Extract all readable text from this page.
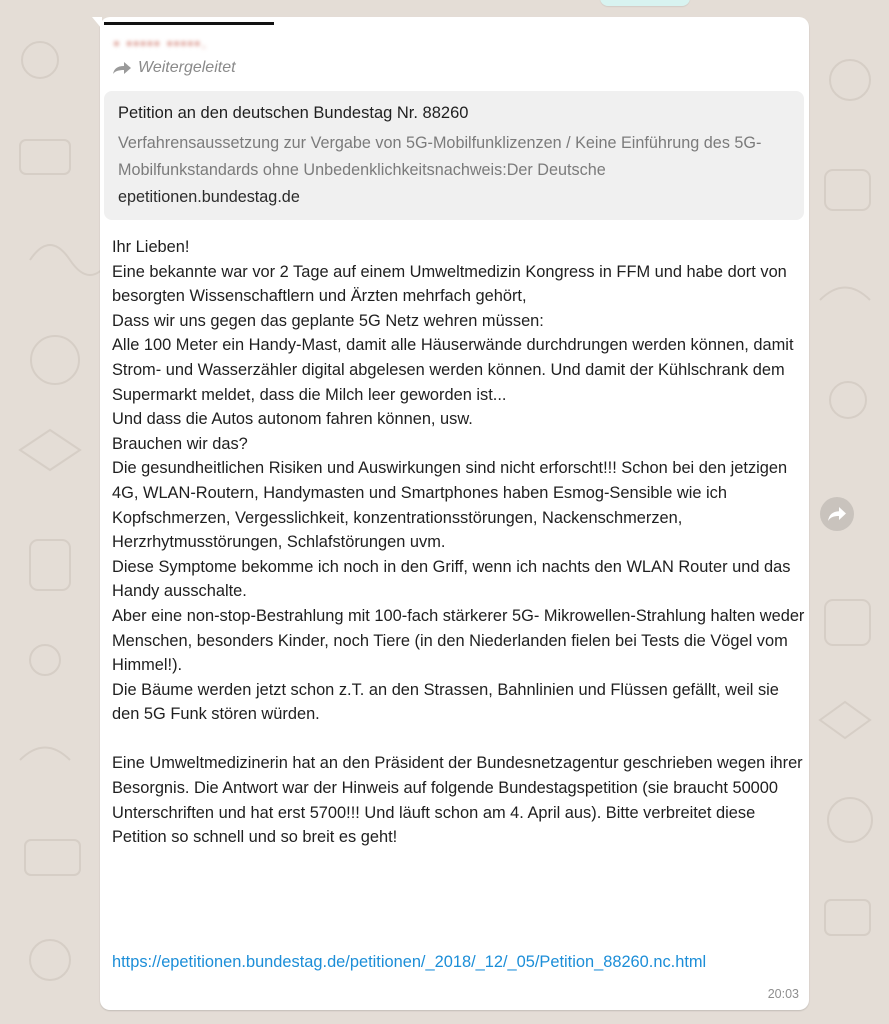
• ••••• •••••.
Weitergeleitet
Petition an den deutschen Bundestag Nr. 88260
Verfahrensaussetzung zur Vergabe von 5G-Mobilfunklizenzen / Keine Einführung des 5G-Mobilfunkstandards ohne Unbedenklichkeitsnachweis:Der Deutsche
epetitionen.bundestag.de
Ihr Lieben!
Eine bekannte war vor 2 Tage auf einem Umweltmedizin Kongress in FFM und habe dort von besorgten Wissenschaftlern und Ärzten mehrfach gehört,
Dass wir uns gegen das geplante 5G Netz wehren müssen:
Alle 100 Meter ein Handy-Mast, damit alle Häuserwände durchdrungen werden können, damit Strom- und Wasserzähler digital abgelesen werden können. Und damit der Kühlschrank dem Supermarkt meldet, dass die Milch leer geworden ist...
Und dass die Autos autonom fahren können, usw.
Brauchen wir das?
Die gesundheitlichen Risiken und Auswirkungen sind nicht erforscht!!! Schon bei den jetzigen 4G, WLAN-Routern, Handymasten und Smartphones haben Esmog-Sensible wie ich
Kopfschmerzen, Vergesslichkeit, konzentrationsstörungen, Nackenschmerzen, Herzrhytmusstörungen, Schlafstörungen uvm.
Diese Symptome bekomme ich noch in den Griff, wenn ich nachts den WLAN Router und das Handy ausschalte.
Aber eine non-stop-Bestrahlung mit 100-fach stärkerer 5G- Mikrowellen-Strahlung halten weder Menschen, besonders Kinder, noch Tiere (in den Niederlanden fielen bei Tests die Vögel vom Himmel!).
Die Bäume werden jetzt schon z.T. an den Strassen, Bahnlinien und Flüssen gefällt, weil sie den 5G Funk stören würden.

Eine Umweltmedizinerin hat an den Präsident der Bundesnetzagentur geschrieben wegen ihrer Besorgnis. Die Antwort war der Hinweis auf folgende Bundestagspetition (sie braucht 50000 Unterschriften und hat erst 5700!!! Und läuft schon am 4. April aus). Bitte verbreitet diese Petition so schnell und so breit es geht!
https://epetitionen.bundestag.de/petitionen/_2018/_12/_05/Petition_88260.nc.html
20:03
